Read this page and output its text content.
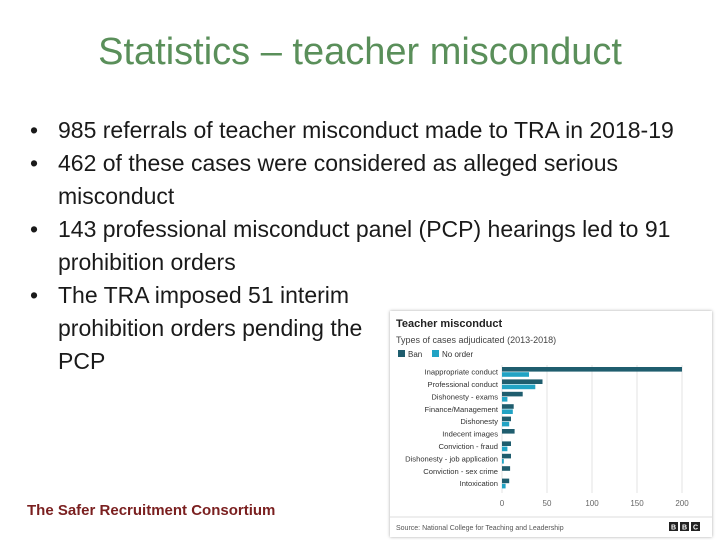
Statistics – teacher misconduct
• 985 referrals of teacher misconduct made to TRA in 2018-19
• 462 of these cases were considered as alleged serious misconduct
• 143 professional misconduct panel (PCP) hearings led to 91 prohibition orders
• The TRA imposed 51 interim prohibition orders pending the PCP
The Safer Recruitment Consortium
Teacher misconduct
Types of cases adjudicated (2013-2018)
Ban No order
Inappropriate conduct
Professional conduct
Dishonesty - exams
Finance/Management
Dishonesty
Indecent images
Conviction - fraud
Dishonesty - job application
Conviction - sex crime
Intoxication
0	50	100	150	200
Source: National College for Teaching and Leadership	B B C
